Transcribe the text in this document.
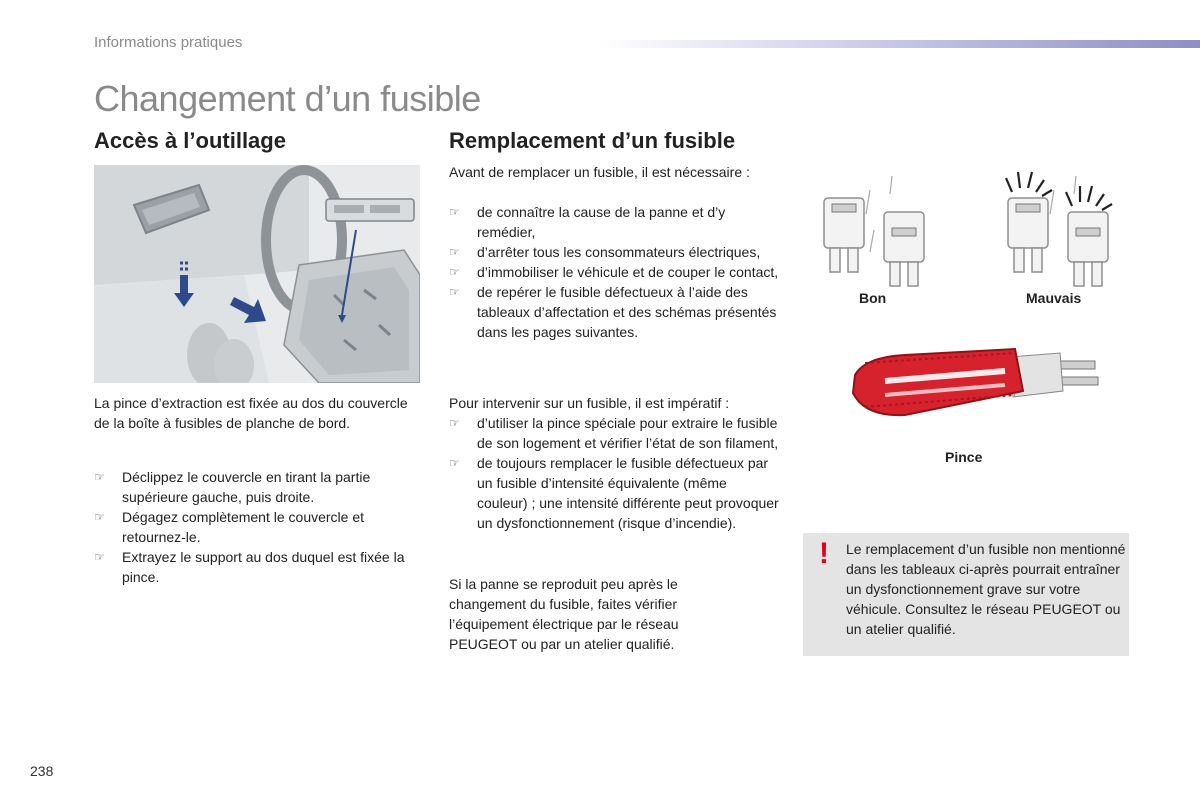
Informations pratiques
Changement d’un fusible
Accès à l’outillage
La pince d’extraction est fixée au dos du couvercle de la boîte à fusibles de planche de bord.
☞ Déclippez le couvercle en tirant la partie supérieure gauche, puis droite.
☞ Dégagez complètement le couvercle et retournez-le.
☞ Extrayez le support au dos duquel est fixée la pince.
Remplacement d’un fusible
Avant de remplacer un fusible, il est nécessaire :
☞ de connaître la cause de la panne et d’y remédier,
☞ d’arrêter tous les consommateurs électriques,
☞ d’immobiliser le véhicule et de couper le contact,
☞ de repérer le fusible défectueux à l’aide des tableaux d’affectation et des schémas présentés dans les pages suivantes.
Pour intervenir sur un fusible, il est impératif :
☞ d’utiliser la pince spéciale pour extraire le fusible de son logement et vérifier l’état de son filament,
☞ de toujours remplacer le fusible défectueux par un fusible d’intensité équivalente (même couleur) ; une intensité différente peut provoquer un dysfonctionnement (risque d’incendie).
Si la panne se reproduit peu après le changement du fusible, faites vérifier l’équipement électrique par le réseau PEUGEOT ou par un atelier qualifié.
Bon	Mauvais
Pince
! Le remplacement d’un fusible non mentionné dans les tableaux ci-après pourrait entraîner un dysfonctionnement grave sur votre véhicule. Consultez le réseau PEUGEOT ou un atelier qualifié.
238
